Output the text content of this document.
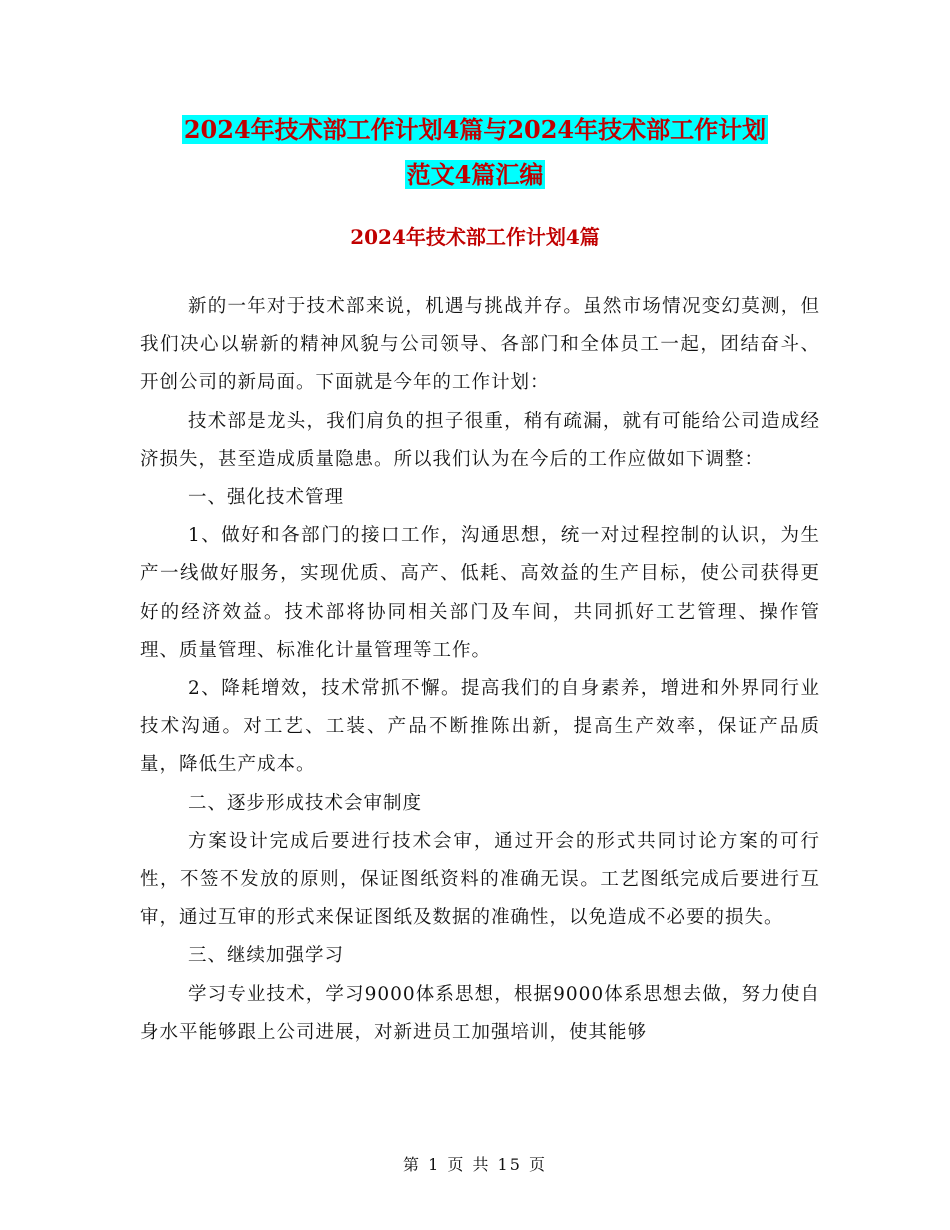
2024年技术部工作计划4篇与2024年技术部工作计划
范文4篇汇编
2024年技术部工作计划4篇

新的一年对于技术部来说，机遇与挑战并存。虽然市场情况变幻莫测，但我们决心以崭新的精神风貌与公司领导、各部门和全体员工一起，团结奋斗、开创公司的新局面。下面就是今年的工作计划：

技术部是龙头，我们肩负的担子很重，稍有疏漏，就有可能给公司造成经济损失，甚至造成质量隐患。所以我们认为在今后的工作应做如下调整：

一、强化技术管理

1、做好和各部门的接口工作，沟通思想，统一对过程控制的认识，为生产一线做好服务，实现优质、高产、低耗、高效益的生产目标，使公司获得更好的经济效益。技术部将协同相关部门及车间，共同抓好工艺管理、操作管理、质量管理、标准化计量管理等工作。

2、降耗增效，技术常抓不懈。提高我们的自身素养，增进和外界同行业技术沟通。对工艺、工装、产品不断推陈出新，提高生产效率，保证产品质量，降低生产成本。

二、逐步形成技术会审制度

方案设计完成后要进行技术会审，通过开会的形式共同讨论方案的可行性，不签不发放的原则，保证图纸资料的准确无误。工艺图纸完成后要进行互审，通过互审的形式来保证图纸及数据的准确性，以免造成不必要的损失。

三、继续加强学习

学习专业技术，学习9000体系思想，根据9000体系思想去做，努力使自身水平能够跟上公司进展，对新进员工加强培训，使其能够

第 1 页 共 15 页
